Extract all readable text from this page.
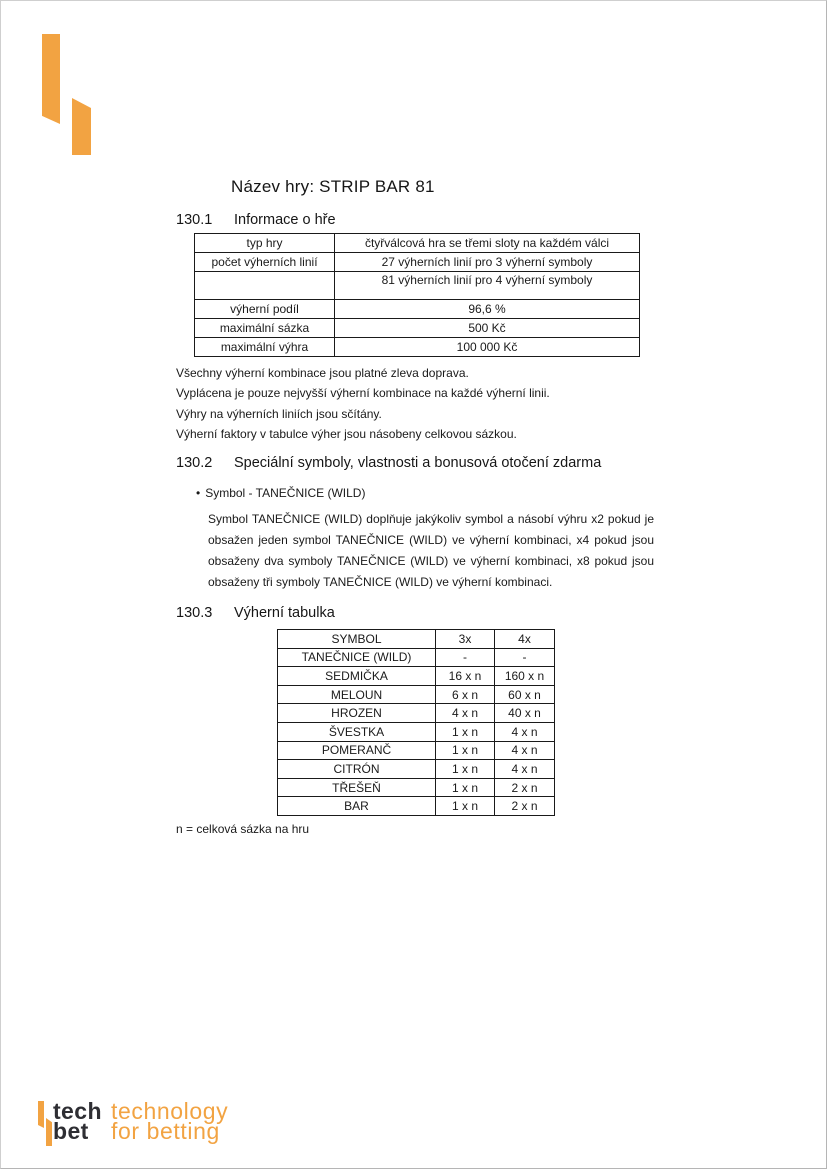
Název hry: STRIP BAR 81
130.1 Informace o hře
typ hry	čtyřválcová hra se třemi sloty na každém válci
počet výherních linií	27 výherních linií pro 3 výherní symboly
	81 výherních linií pro 4 výherní symboly
výherní podíl	96,6 %
maximální sázka	500 Kč
maximální výhra	100 000 Kč
Všechny výherní kombinace jsou platné zleva doprava.
Vyplácena je pouze nejvyšší výherní kombinace na každé výherní linii.
Výhry na výherních liniích jsou sčítány.
Výherní faktory v tabulce výher jsou násobeny celkovou sázkou.
130.2 Speciální symboly, vlastnosti a bonusová otočení zdarma
• Symbol - TANEČNICE (WILD)
Symbol TANEČNICE (WILD) doplňuje jakýkoliv symbol a násobí výhru x2 pokud je obsažen jeden symbol TANEČNICE (WILD) ve výherní kombinaci, x4 pokud jsou obsaženy dva symboly TANEČNICE (WILD) ve výherní kombinaci, x8 pokud jsou obsaženy tři symboly TANEČNICE (WILD) ve výherní kombinaci.
130.3 Výherní tabulka
SYMBOL	3x	4x
TANEČNICE (WILD)	-	-
SEDMIČKA	16 x n	160 x n
MELOUN	6 x n	60 x n
HROZEN	4 x n	40 x n
ŠVESTKA	1 x n	4 x n
POMERANČ	1 x n	4 x n
CITRÓN	1 x n	4 x n
TŘEŠEŇ	1 x n	2 x n
BAR	1 x n	2 x n
n = celková sázka na hru
tech
bet
technology
for betting
